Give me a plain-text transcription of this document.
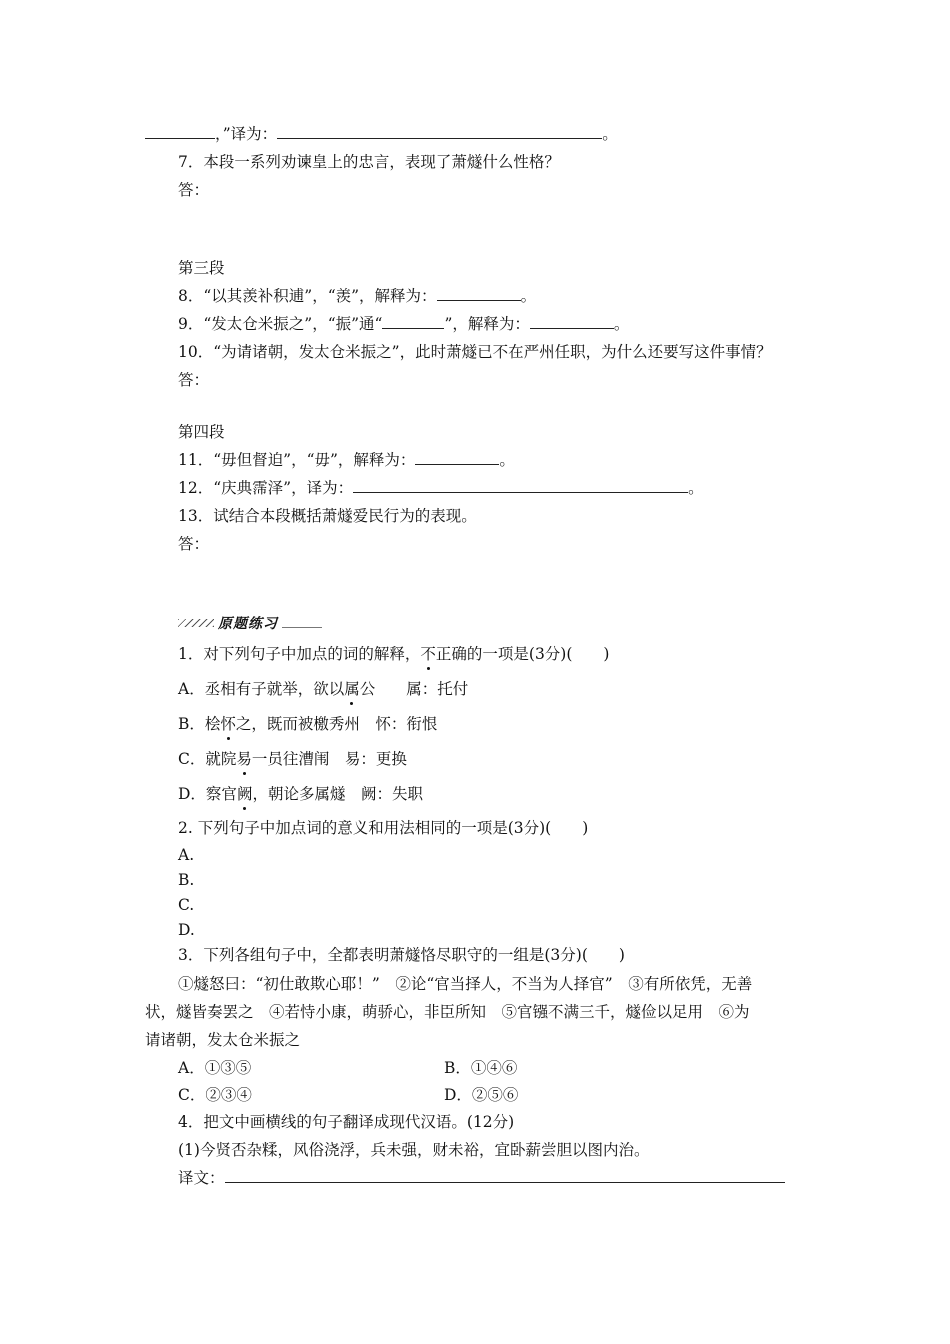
，”译为：	。
7．本段一系列劝谏皇上的忠言，表现了萧燧什么性格？
答：
第三段
8．“以其羡补积逋”，“羡”，解释为：	。
9．“发太仓米振之”，“振”通“	”，解释为：	。
10．“为请诸朝，发太仓米振之”，此时萧燧已不在严州任职，为什么还要写这件事情？
答：
第四段
11．“毋但督迫”，“毋”，解释为：	。
12．“庆典霈泽”，译为：	。
13．试结合本段概括萧燧爱民行为的表现。
答：
原题练习
1．对下列句子中加点的词的解释，不正确的一项是(3分)(　　)
A．丞相有子就举，欲以属公　　属：托付
B．桧怀之，既而被檄秀州　怀：衔恨
C．就院易一员往漕闱　易：更换
D．察官阙，朝论多属燧　阙：失职
2. 下列句子中加点词的意义和用法相同的一项是(3分)(　　)
A.
B.
C.
D.
3．下列各组句子中，全都表明萧燧恪尽职守的一组是(3分)(　　)
①燧怒曰：“初仕敢欺心耶！”　②论“官当择人，不当为人择官”　③有所依凭，无善
状，燧皆奏罢之　④若恃小康，萌骄心，非臣所知　⑤官镪不满三千，燧俭以足用　⑥为
请诸朝，发太仓米振之
A．①③⑤	B．①④⑥
C．②③④	D．②⑤⑥
4．把文中画横线的句子翻译成现代汉语。(12分)
(1)今贤否杂糅，风俗浇浮，兵未强，财未裕，宜卧薪尝胆以图内治。
译文：
